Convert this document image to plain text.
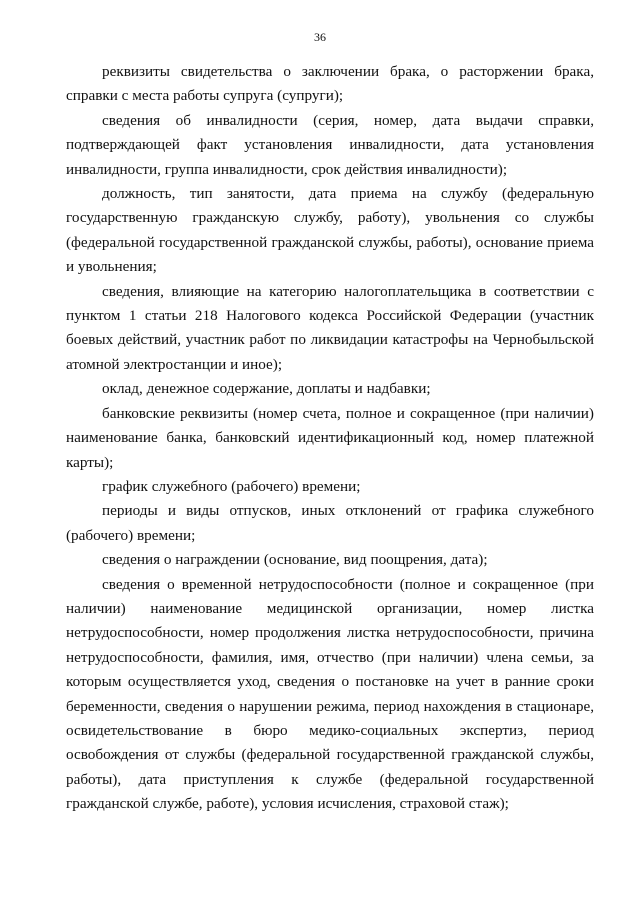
36

реквизиты свидетельства о заключении брака, о расторжении брака, справки с места работы супруга (супруги);

сведения об инвалидности (серия, номер, дата выдачи справки, подтверждающей факт установления инвалидности, дата установления инвалидности, группа инвалидности, срок действия инвалидности);

должность, тип занятости, дата приема на службу (федеральную государственную гражданскую службу, работу), увольнения со службы (федеральной государственной гражданской службы, работы), основание приема и увольнения;

сведения, влияющие на категорию налогоплательщика в соответствии с пунктом 1 статьи 218 Налогового кодекса Российской Федерации (участник боевых действий, участник работ по ликвидации катастрофы на Чернобыльской атомной электростанции и иное);

оклад, денежное содержание, доплаты и надбавки;

банковские реквизиты (номер счета, полное и сокращенное (при наличии) наименование банка, банковский идентификационный код, номер платежной карты);

график служебного (рабочего) времени;

периоды и виды отпусков, иных отклонений от графика служебного (рабочего) времени;

сведения о награждении (основание, вид поощрения, дата);

сведения о временной нетрудоспособности (полное и сокращенное (при наличии) наименование медицинской организации, номер листка нетрудоспособности, номер продолжения листка нетрудоспособности, причина нетрудоспособности, фамилия, имя, отчество (при наличии) члена семьи, за которым осуществляется уход, сведения о постановке на учет в ранние сроки беременности, сведения о нарушении режима, период нахождения в стационаре, освидетельствование в бюро медико-социальных экспертиз, период освобождения от службы (федеральной государственной гражданской службы, работы), дата приступления к службе (федеральной государственной гражданской службе, работе), условия исчисления, страховой стаж);
